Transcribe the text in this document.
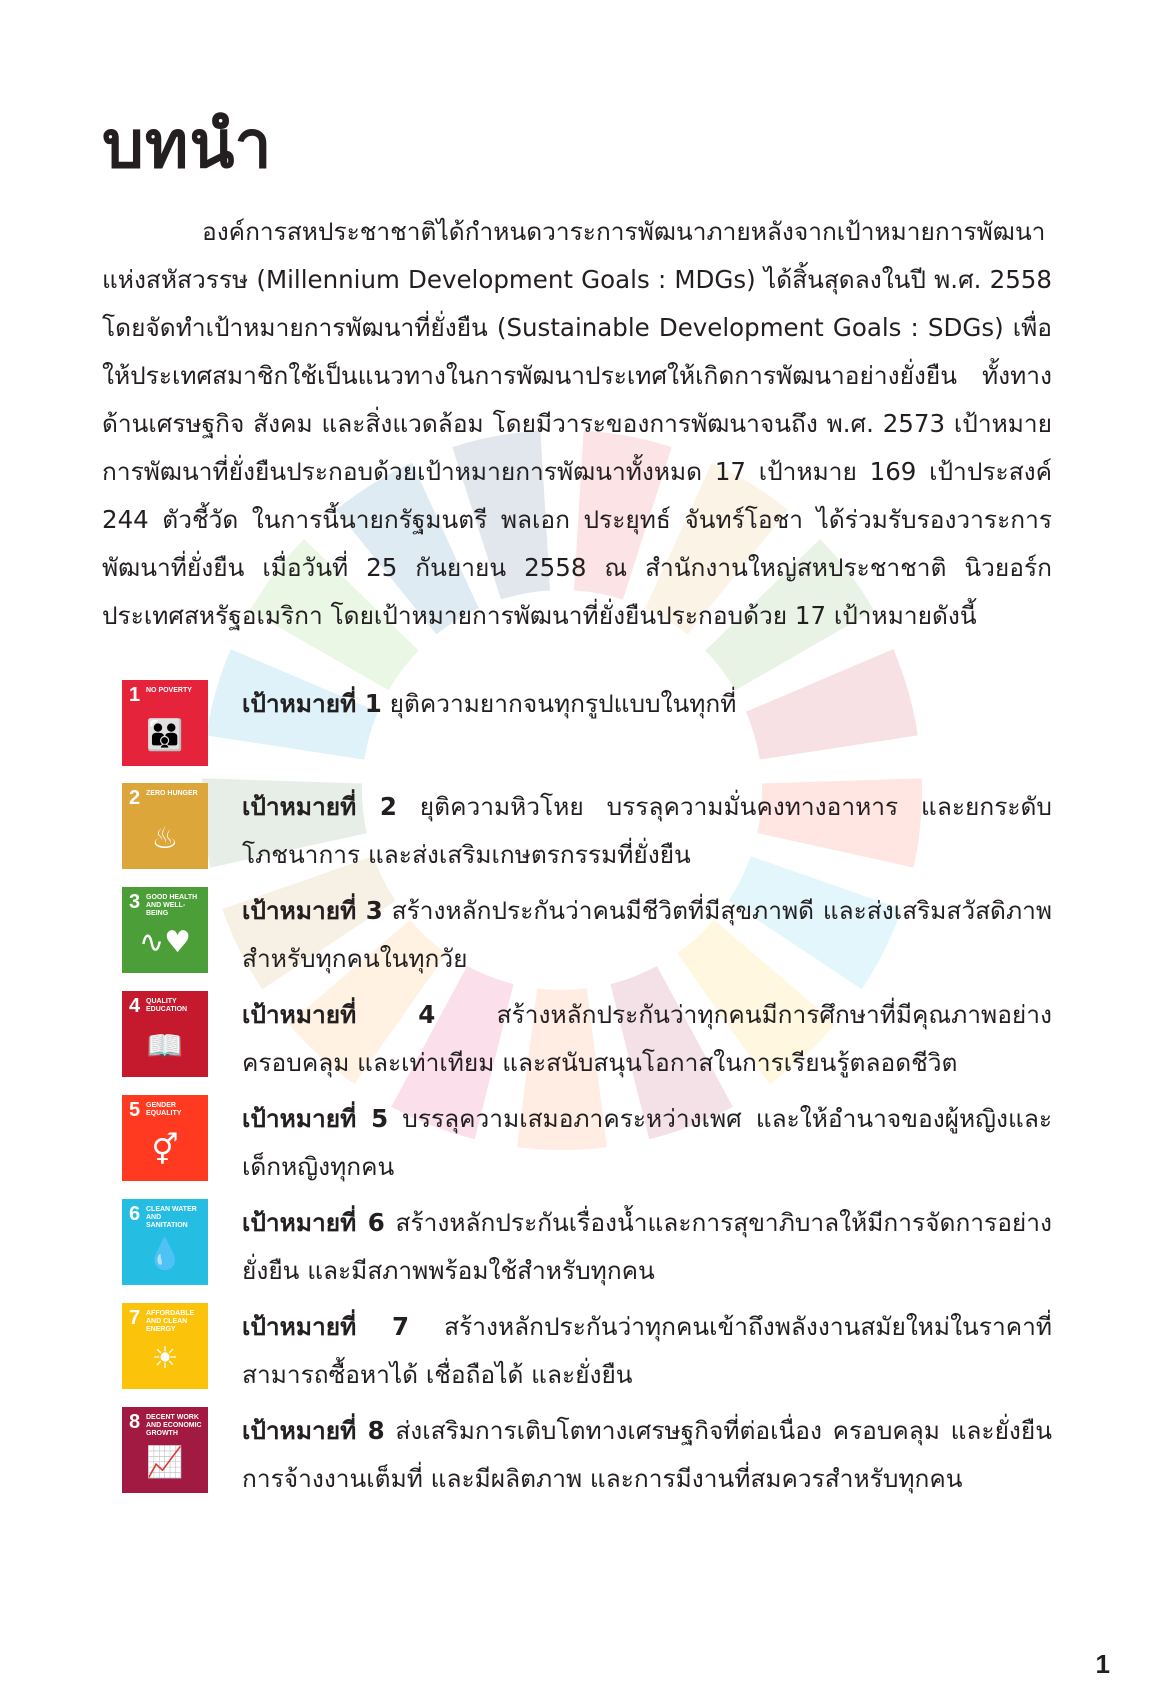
บทนำ

องค์การสหประชาชาติได้กำหนดวาระการพัฒนาภายหลังจากเป้าหมายการพัฒนาแห่งสหัสวรรษ (Millennium Development Goals : MDGs) ได้สิ้นสุดลงในปี พ.ศ. 2558 โดยจัดทำเป้าหมายการพัฒนาที่ยั่งยืน (Sustainable Development Goals : SDGs) เพื่อให้ประเทศสมาชิกใช้เป็นแนวทางในการพัฒนาประเทศให้เกิดการพัฒนาอย่างยั่งยืน ทั้งทางด้านเศรษฐกิจ สังคม และสิ่งแวดล้อม โดยมีวาระของการพัฒนาจนถึง พ.ศ. 2573 เป้าหมายการพัฒนาที่ยั่งยืนประกอบด้วยเป้าหมายการพัฒนาทั้งหมด 17 เป้าหมาย 169 เป้าประสงค์ 244 ตัวชี้วัด ในการนี้นายกรัฐมนตรี พลเอก ประยุทธ์ จันทร์โอชา ได้ร่วมรับรองวาระการพัฒนาที่ยั่งยืน เมื่อวันที่ 25 กันยายน 2558 ณ สำนักงานใหญ่สหประชาชาติ นิวยอร์ก ประเทศสหรัฐอเมริกา โดยเป้าหมายการพัฒนาที่ยั่งยืนประกอบด้วย 17 เป้าหมายดังนี้

1 NO POVERTY
👪

เป้าหมายที่ 1 ยุติความยากจนทุกรูปแบบในทุกที่

2 ZERO HUNGER
♨

เป้าหมายที่ 2 ยุติความหิวโหย บรรลุความมั่นคงทางอาหาร และยกระดับโภชนาการ และส่งเสริมเกษตรกรรมที่ยั่งยืน

3 GOOD HEALTH AND WELL-BEING
∿♥

เป้าหมายที่ 3 สร้างหลักประกันว่าคนมีชีวิตที่มีสุขภาพดี และส่งเสริมสวัสดิภาพสำหรับทุกคนในทุกวัย

4 QUALITY EDUCATION
📖

เป้าหมายที่ 4 สร้างหลักประกันว่าทุกคนมีการศึกษาที่มีคุณภาพอย่างครอบคลุม และเท่าเทียม และสนับสนุนโอกาสในการเรียนรู้ตลอดชีวิต

5 GENDER EQUALITY
⚥

เป้าหมายที่ 5 บรรลุความเสมอภาคระหว่างเพศ และให้อำนาจของผู้หญิงและเด็กหญิงทุกคน

6 CLEAN WATER AND SANITATION
💧

เป้าหมายที่ 6 สร้างหลักประกันเรื่องน้ำและการสุขาภิบาลให้มีการจัดการอย่างยั่งยืน และมีสภาพพร้อมใช้สำหรับทุกคน

7 AFFORDABLE AND CLEAN ENERGY
☀

เป้าหมายที่ 7 สร้างหลักประกันว่าทุกคนเข้าถึงพลังงานสมัยใหม่ในราคาที่สามารถซื้อหาได้ เชื่อถือได้ และยั่งยืน

8 DECENT WORK AND ECONOMIC GROWTH
📈

เป้าหมายที่ 8 ส่งเสริมการเติบโตทางเศรษฐกิจที่ต่อเนื่อง ครอบคลุม และยั่งยืน การจ้างงานเต็มที่ และมีผลิตภาพ และการมีงานที่สมควรสำหรับทุกคน

1
